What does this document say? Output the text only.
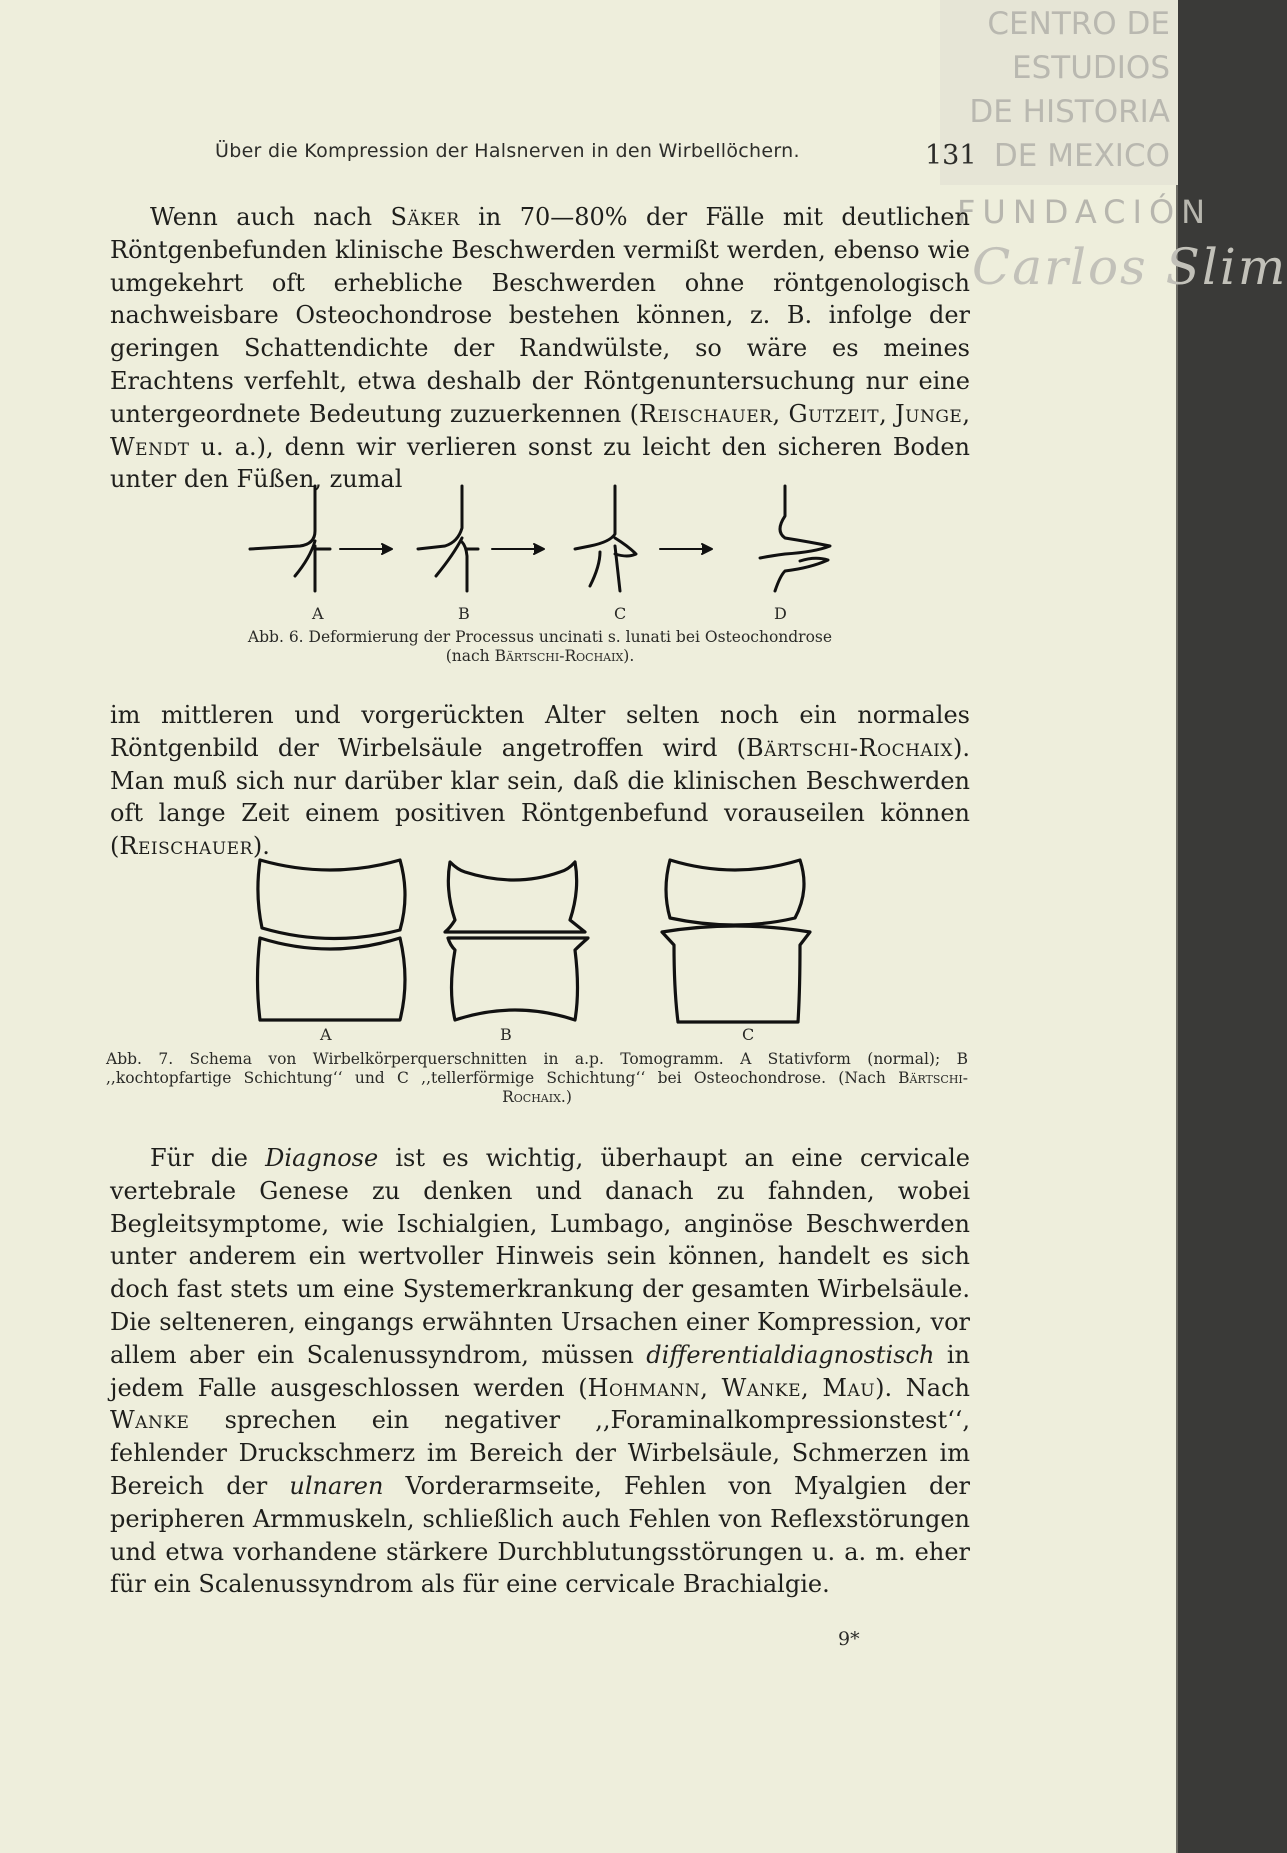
CENTRO DE
ESTUDIOS
DE HISTORIA
DE MEXICO
FUNDACIÓN
Carlos Slim
Über die Kompression der Halsnerven in den Wirbellöchern.	131

Wenn auch nach Säker in 70—80% der Fälle mit deutlichen Röntgenbefunden klinische Beschwerden vermißt werden, ebenso wie umgekehrt oft erhebliche Beschwerden ohne röntgenologisch nachweisbare Osteochondrose bestehen können, z. B. infolge der geringen Schattendichte der Randwülste, so wäre es meines Erachtens verfehlt, etwa deshalb der Röntgenuntersuchung nur eine untergeordnete Bedeutung zuzuerkennen (Reischauer, Gutzeit, Junge, Wendt u. a.), denn wir verlieren sonst zu leicht den sicheren Boden unter den Füßen, zumal

A	B	C	D

Abb. 6. Deformierung der Processus uncinati s. lunati bei Osteochondrose
(nach Bärtschi-Rochaix).

im mittleren und vorgerückten Alter selten noch ein normales Röntgenbild der Wirbelsäule angetroffen wird (Bärtschi-Rochaix). Man muß sich nur darüber klar sein, daß die klinischen Beschwerden oft lange Zeit einem positiven Röntgenbefund vorauseilen können (Reischauer).

A	B	C

Abb. 7. Schema von Wirbelkörperquerschnitten in a.p. Tomogramm. A Stativform (normal); B ,,kochtopfartige Schichtung‘‘ und C ,,tellerförmige Schichtung‘‘ bei Osteochondrose. (Nach Bärtschi-Rochaix.)

Für die Diagnose ist es wichtig, überhaupt an eine cervicale vertebrale Genese zu denken und danach zu fahnden, wobei Begleitsymptome, wie Ischialgien, Lumbago, anginöse Beschwerden unter anderem ein wertvoller Hinweis sein können, handelt es sich doch fast stets um eine Systemerkrankung der gesamten Wirbelsäule. Die selteneren, eingangs erwähnten Ursachen einer Kompression, vor allem aber ein Scalenussyndrom, müssen differentialdiagnostisch in jedem Falle ausgeschlossen werden (Hohmann, Wanke, Mau). Nach Wanke sprechen ein negativer ,,Foraminalkompressionstest‘‘, fehlender Druckschmerz im Bereich der Wirbelsäule, Schmerzen im Bereich der ulnaren Vorderarmseite, Fehlen von Myalgien der peripheren Armmuskeln, schließlich auch Fehlen von Reflexstörungen und etwa vorhandene stärkere Durchblutungsstörungen u. a. m. eher für ein Scalenussyndrom als für eine cervicale Brachialgie.

9*
